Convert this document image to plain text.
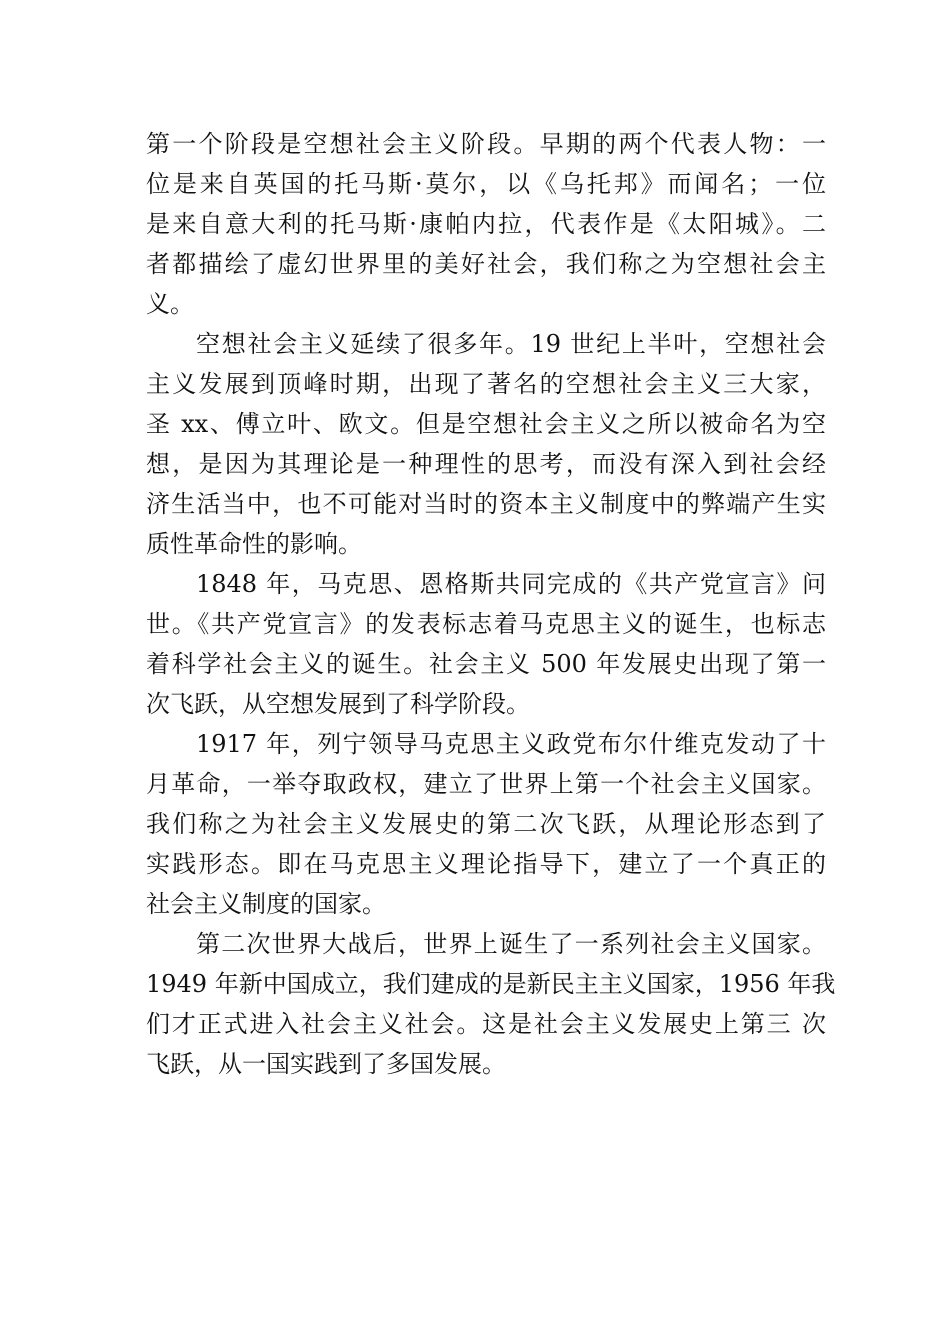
第一个阶段是空想社会主义阶段。早期的两个代表人物：一
位是来自英国的托马斯·莫尔，以《乌托邦》而闻名；一位
是来自意大利的托马斯·康帕内拉，代表作是《太阳城》。二
者都描绘了虚幻世界里的美好社会，我们称之为空想社会主
义。
空想社会主义延续了很多年。19 世纪上半叶，空想社会
主义发展到顶峰时期，出现了著名的空想社会主义三大家，
圣 xx、傅立叶、欧文。但是空想社会主义之所以被命名为空
想，是因为其理论是一种理性的思考，而没有深入到社会经
济生活当中，也不可能对当时的资本主义制度中的弊端产生实
质性革命性的影响。
1848 年，马克思、恩格斯共同完成的《共产党宣言》问
世。《共产党宣言》的发表标志着马克思主义的诞生，也标志
着科学社会主义的诞生。社会主义 500 年发展史出现了第一
次飞跃，从空想发展到了科学阶段。
1917 年，列宁领导马克思主义政党布尔什维克发动了十
月革命，一举夺取政权，建立了世界上第一个社会主义国家。
我们称之为社会主义发展史的第二次飞跃，从理论形态到了
实践形态。即在马克思主义理论指导下，建立了一个真正的
社会主义制度的国家。
第二次世界大战后，世界上诞生了一系列社会主义国家。
1949 年新中国成立，我们建成的是新民主主义国家，1956 年我
们才正式进入社会主义社会。这是社会主义发展史上第三 次
飞跃，从一国实践到了多国发展。
